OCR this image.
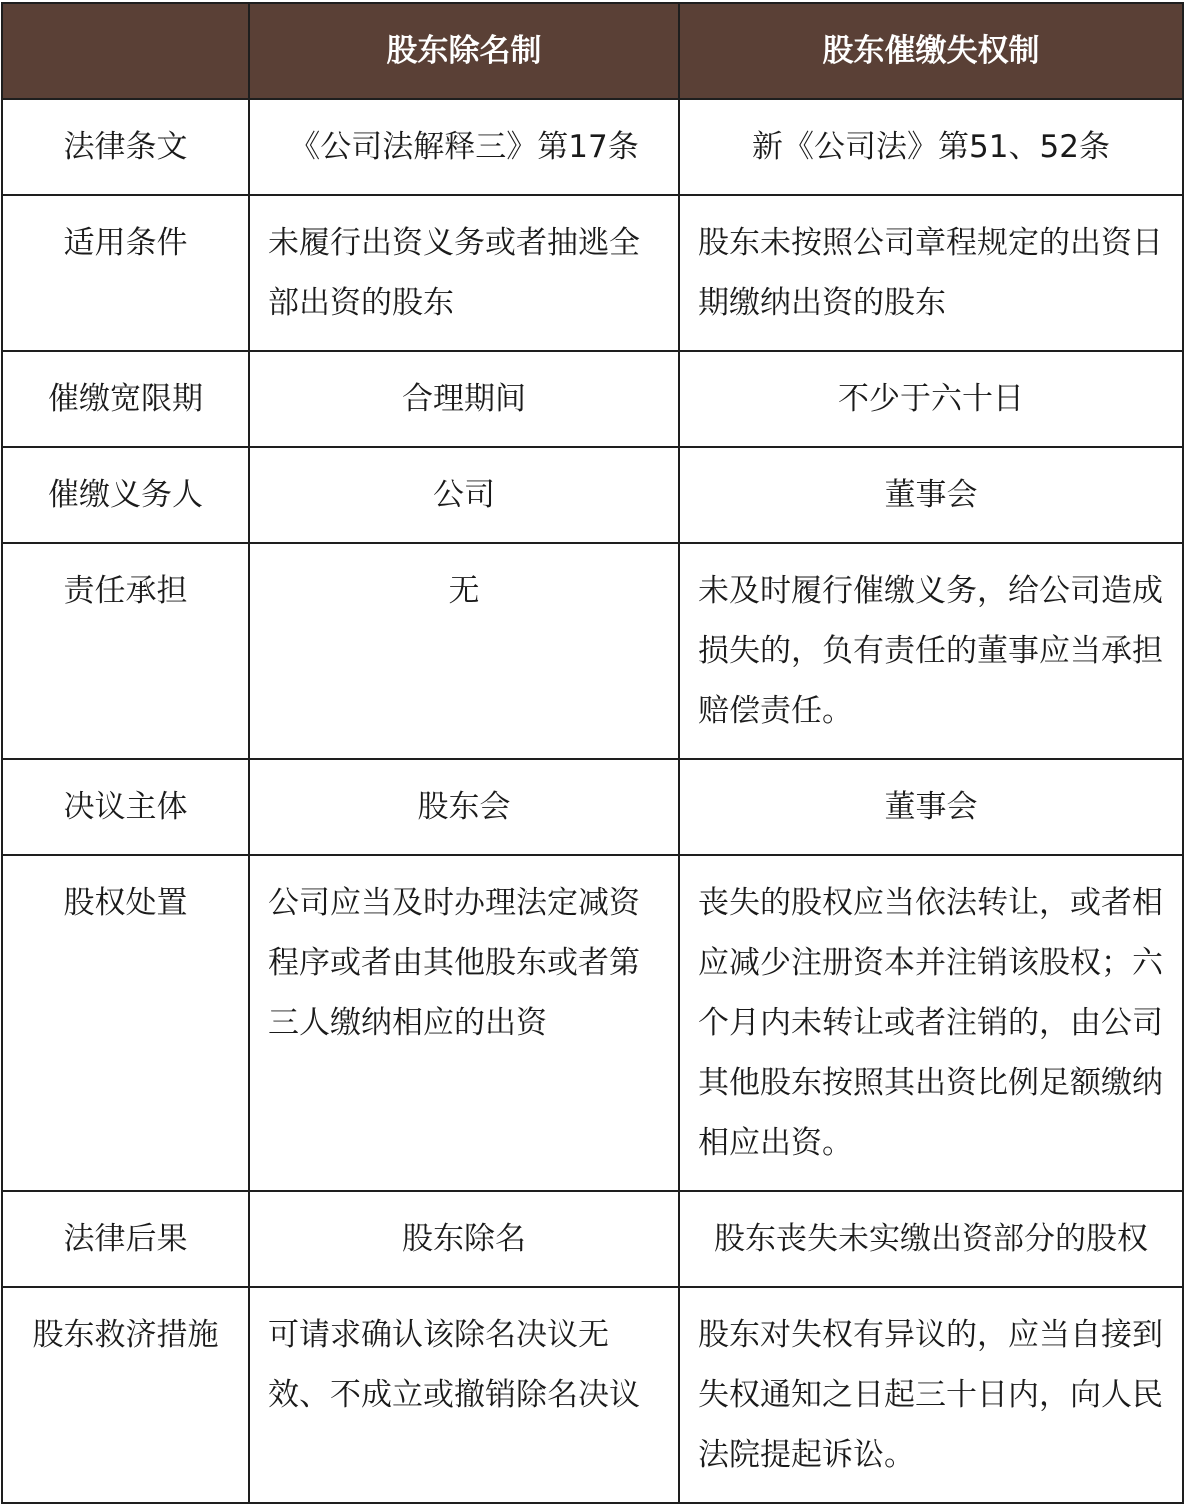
	股东除名制	股东催缴失权制
法律条文	《公司法解释三》第17条	新《公司法》第51、52条
适用条件	未履行出资义务或者抽逃全部出资的股东	股东未按照公司章程规定的出资日期缴纳出资的股东
催缴宽限期	合理期间	不少于六十日
催缴义务人	公司	董事会
责任承担	无	未及时履行催缴义务，给公司造成损失的，负有责任的董事应当承担赔偿责任。
决议主体	股东会	董事会
股权处置	公司应当及时办理法定减资程序或者由其他股东或者第三人缴纳相应的出资	丧失的股权应当依法转让，或者相应减少注册资本并注销该股权；六个月内未转让或者注销的，由公司其他股东按照其出资比例足额缴纳相应出资。
法律后果	股东除名	股东丧失未实缴出资部分的股权
股东救济措施	可请求确认该除名决议无效、不成立或撤销除名决议	股东对失权有异议的，应当自接到失权通知之日起三十日内，向人民法院提起诉讼。
